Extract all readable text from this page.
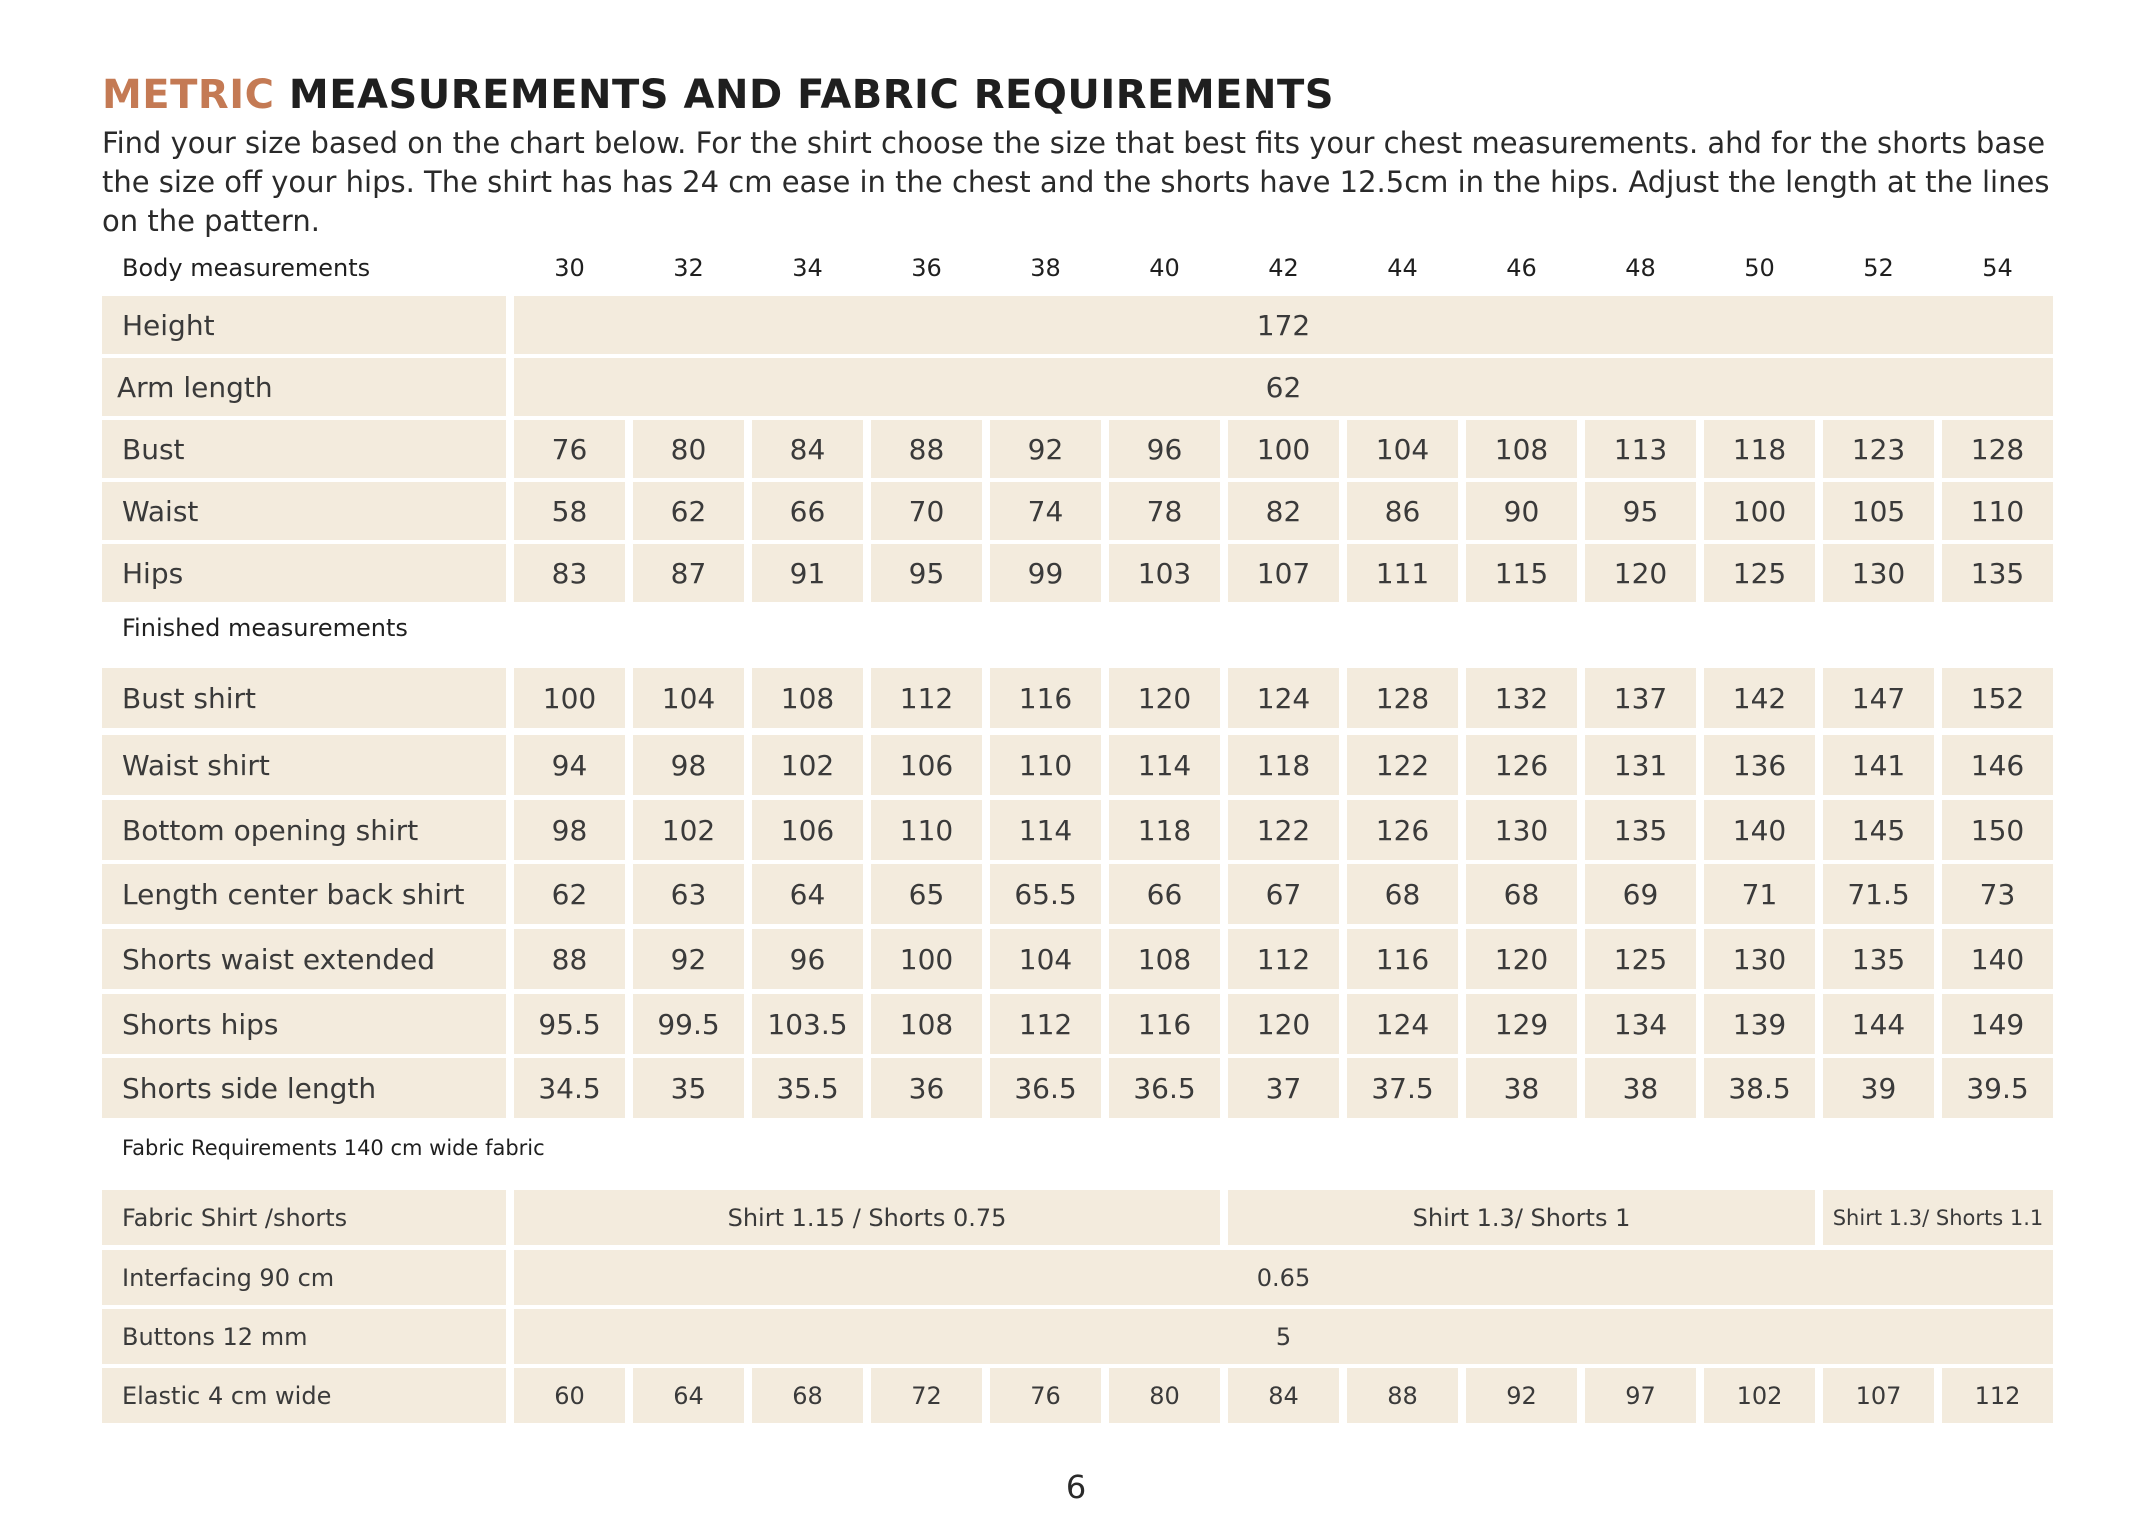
METRIC MEASUREMENTS AND FABRIC REQUIREMENTS
Find your size based on the chart below. For the shirt choose the size that best fits your chest measurements. ahd for the shorts base the size off your hips. The shirt has has 24 cm ease in the chest and the shorts have 12.5cm in the hips. Adjust the length at the lines on the pattern.
Body measurements	30	32	34	36	38	40	42	44	46	48	50	52	54
Height	172
Arm length	62
Bust	76	80	84	88	92	96	100	104	108	113	118	123	128
Waist	58	62	66	70	74	78	82	86	90	95	100	105	110
Hips	83	87	91	95	99	103	107	111	115	120	125	130	135
Finished measurements
Bust shirt	100	104	108	112	116	120	124	128	132	137	142	147	152
Waist shirt	94	98	102	106	110	114	118	122	126	131	136	141	146
Bottom opening shirt	98	102	106	110	114	118	122	126	130	135	140	145	150
Length center back shirt	62	63	64	65	65.5	66	67	68	68	69	71	71.5	73
Shorts waist extended	88	92	96	100	104	108	112	116	120	125	130	135	140
Shorts hips	95.5	99.5	103.5	108	112	116	120	124	129	134	139	144	149
Shorts side length	34.5	35	35.5	36	36.5	36.5	37	37.5	38	38	38.5	39	39.5
Fabric Requirements 140 cm wide fabric
Fabric Shirt /shorts	Shirt 1.15 / Shorts 0.75	Shirt 1.3/ Shorts 1	Shirt 1.3/ Shorts 1.1
Interfacing 90 cm	0.65
Buttons 12 mm	5
Elastic 4 cm wide	60	64	68	72	76	80	84	88	92	97	102	107	112
6
